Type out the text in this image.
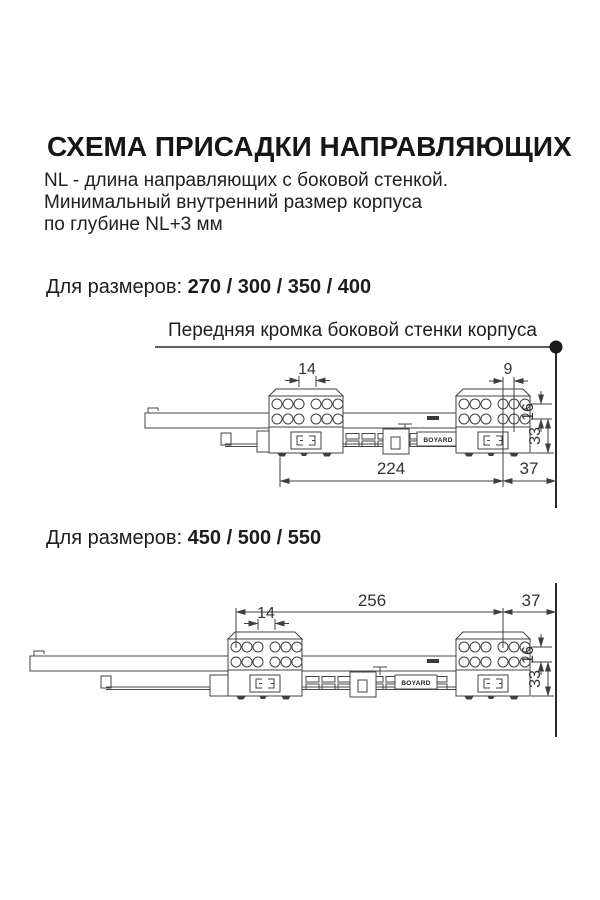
СХЕМА ПРИСАДКИ НАПРАВЛЯЮЩИХ
NL - длина направляющих с боковой стенкой.
Минимальный внутренний размер корпуса
по глубине NL+3 мм
Для размеров: 270 / 300 / 350 / 400
Передняя кромка боковой стенки корпуса
Для размеров: 450 / 500 / 550
BOYARD
14	9
16
33
224	37
BOYARD
256	37
14
16
33
